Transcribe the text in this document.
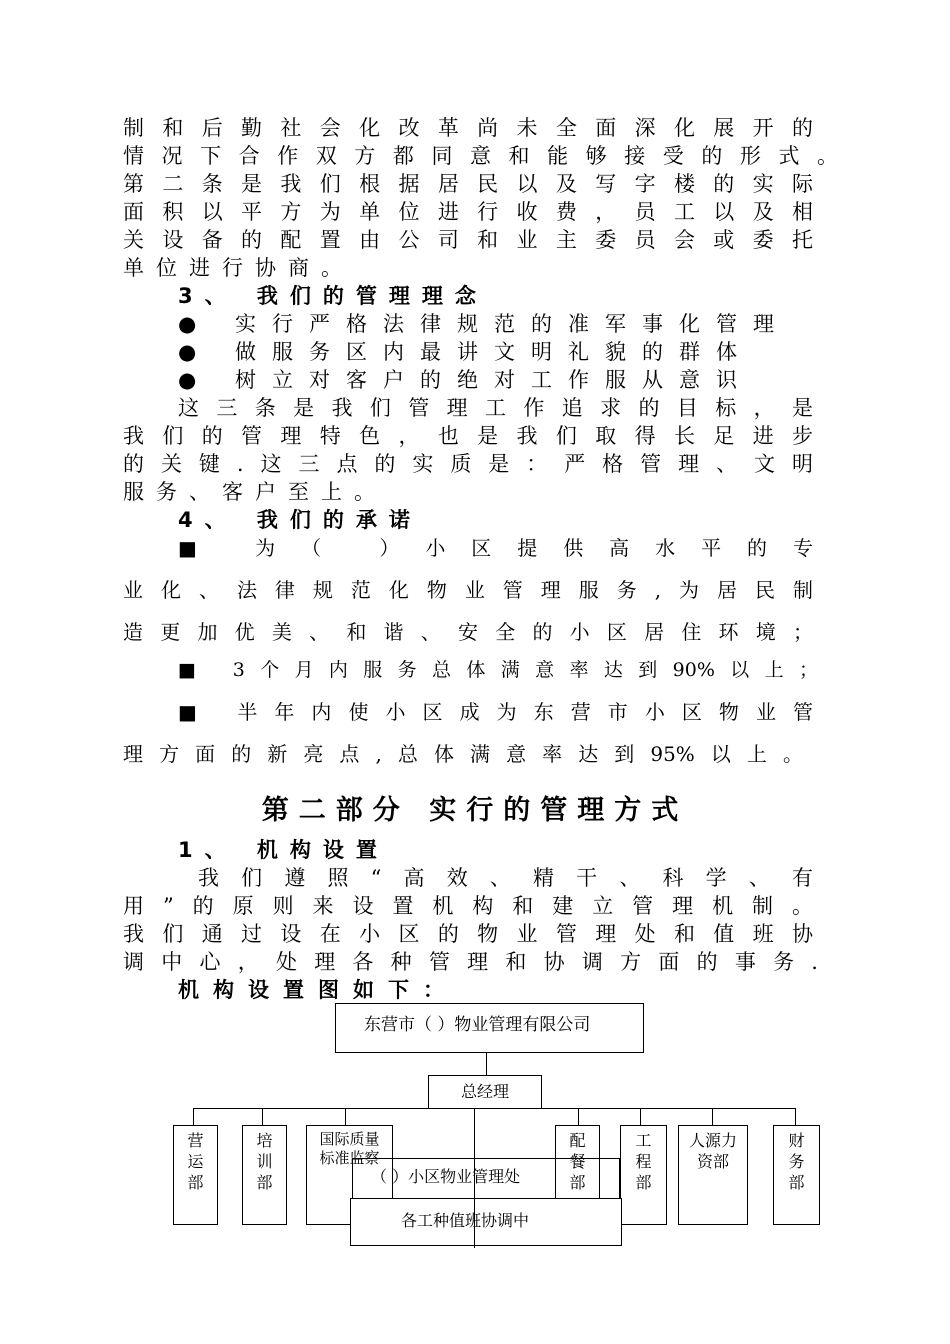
制和后勤社会化改革尚未全面深化展开的
情况下合作双方都同意和能够接受的形式。
第二条是我们根据居民以及写字楼的实际
面积以平方为单位进行收费，员工以及相
关设备的配置由公司和业主委员会或委托
单位进行协商。
3、 我们的管理理念
● 实行严格法律规范的准军事化管理
● 做服务区内最讲文明礼貌的群体
● 树立对客户的绝对工作服从意识
这三条是我们管理工作追求的目标，是
我们的管理特色，也是我们取得长足进步
的关键.这三点的实质是：严格管理、文明
服务、客户至上。
4、 我们的承诺
■ 为（ ）小区提供高水平的专
业化、法律规范化物业管理服务,为居民制
造更加优美、和谐、安全的小区居住环境；
■ 3个月内服务总体满意率达到90%以上；
■ 半年内使小区成为东营市小区物业管
理方面的新亮点,总体满意率达到95%以上。
第二部分 实行的管理方式
1、 机构设置
我们遵照“高效、精干、科学、有
用”的原则来设置机构和建立管理机制。
我们通过设在小区的物业管理处和值班协
调中心，处理各种管理和协调方面的事务.
机构设置图如下：
东营市（ ）物业管理有限公司
总经理
营运部
培训部
国际质量标准监察
配餐部
工程部
人源力资部
财务部
（ ）小区物业管理处
各工种值班协调中
